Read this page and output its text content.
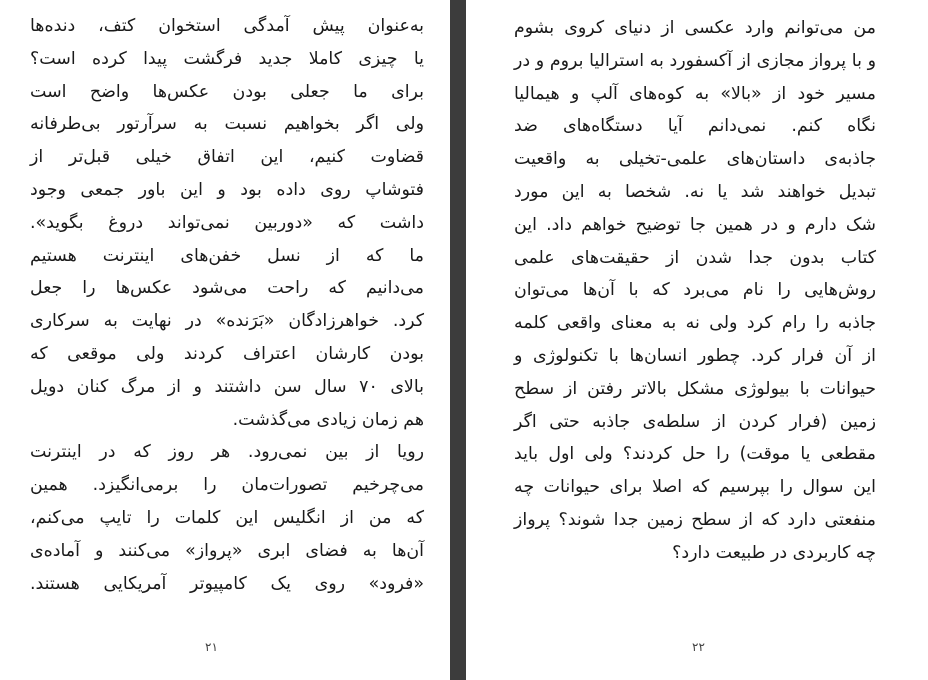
به‌عنوان پیش آمدگی استخوان کتف، دنده‌ها
یا چیزی کاملا جدید فرگشت پیدا کرده است؟
برای ما جعلی بودن عکس‌ها واضح است
ولی اگر بخواهیم نسبت به سرآرتور بی‌طرفانه
قضاوت کنیم، این اتفاق خیلی قبل‌تر از
فتوشاپ روی داده بود و این باور جمعی وجود
داشت که «دوربین نمی‌تواند دروغ بگوید».
ما که از نسل خفن‌های اینترنت هستیم
می‌دانیم که راحت می‌شود عکس‌ها را جعل
کرد. خواهرزادگان «بَرَنده» در نهایت به سرکاری
بودن کارشان اعتراف کردند ولی موقعی که
بالای ۷۰ سال سن داشتند و از مرگ کنان دویل
هم زمان زیادی می‌گذشت.
رویا از بین نمی‌رود. هر روز که در اینترنت
می‌چرخیم تصورات‌مان را برمی‌انگیزد. همین
که من از انگلیس این کلمات را تایپ می‌کنم،
آن‌ها به فضای ابری «پرواز» می‌کنند و آماده‌ی
«فرود» روی یک کامپیوتر آمریکایی هستند.
۲۱
من می‌توانم وارد عکسی از دنیای کروی بشوم
و با پرواز مجازی از آکسفورد به استرالیا بروم و در
مسیر خود از «بالا» به کوه‌های آلپ و هیمالیا
نگاه کنم. نمی‌دانم آیا دستگاه‌های ضد
جاذبه‌ی داستان‌های علمی-تخیلی به واقعیت
تبدیل خواهند شد یا نه. شخصا به این مورد
شک دارم و در همین جا توضیح خواهم داد. این
کتاب بدون جدا شدن از حقیقت‌های علمی
روش‌هایی را نام می‌برد که با آن‌ها می‌توان
جاذبه را رام کرد ولی نه به معنای واقعی کلمه
از آن فرار کرد. چطور انسان‌ها با تکنولوژی و
حیوانات با بیولوژی مشکل بالاتر رفتن از سطح
زمین (فرار کردن از سلطه‌ی جاذبه حتی اگر
مقطعی یا موقت) را حل کردند؟ ولی اول باید
این سوال را بپرسیم که اصلا برای حیوانات چه
منفعتی دارد که از سطح زمین جدا شوند؟ پرواز
چه کاربردی در طبیعت دارد؟
۲۲
